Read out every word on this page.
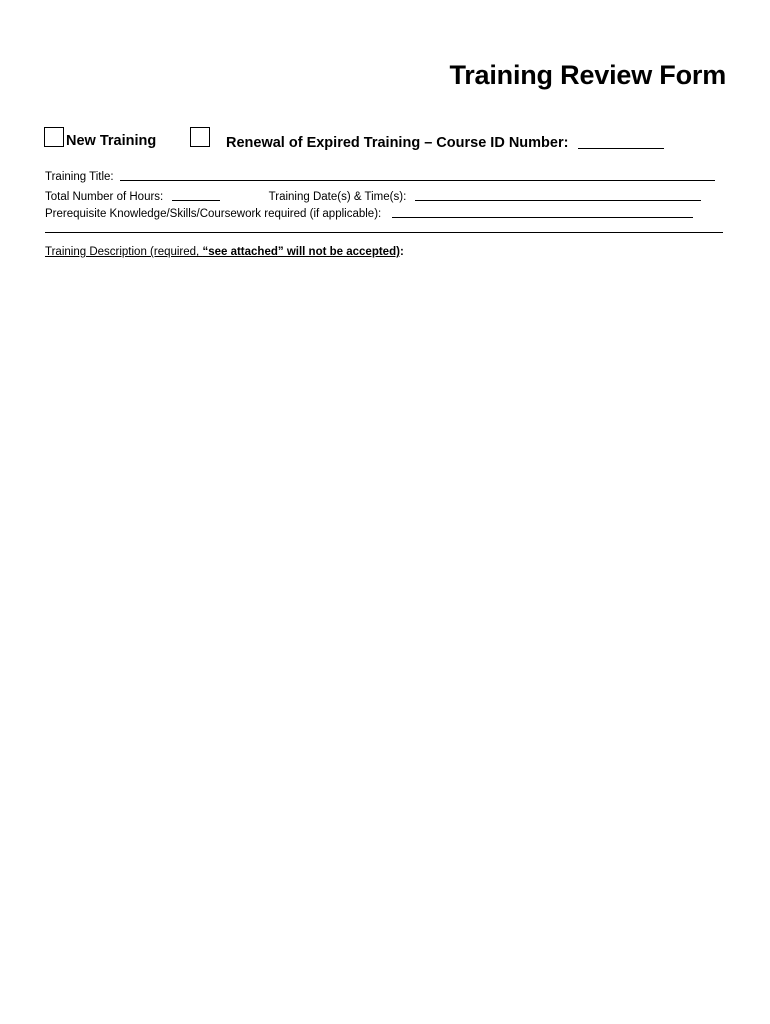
Training Review Form
New Training	Renewal of Expired Training – Course ID Number:
Training Title:
Total Number of Hours:	Training Date(s) & Time(s):
Prerequisite Knowledge/Skills/Coursework required (if applicable):
Training Description (required, “see attached” will not be accepted):
